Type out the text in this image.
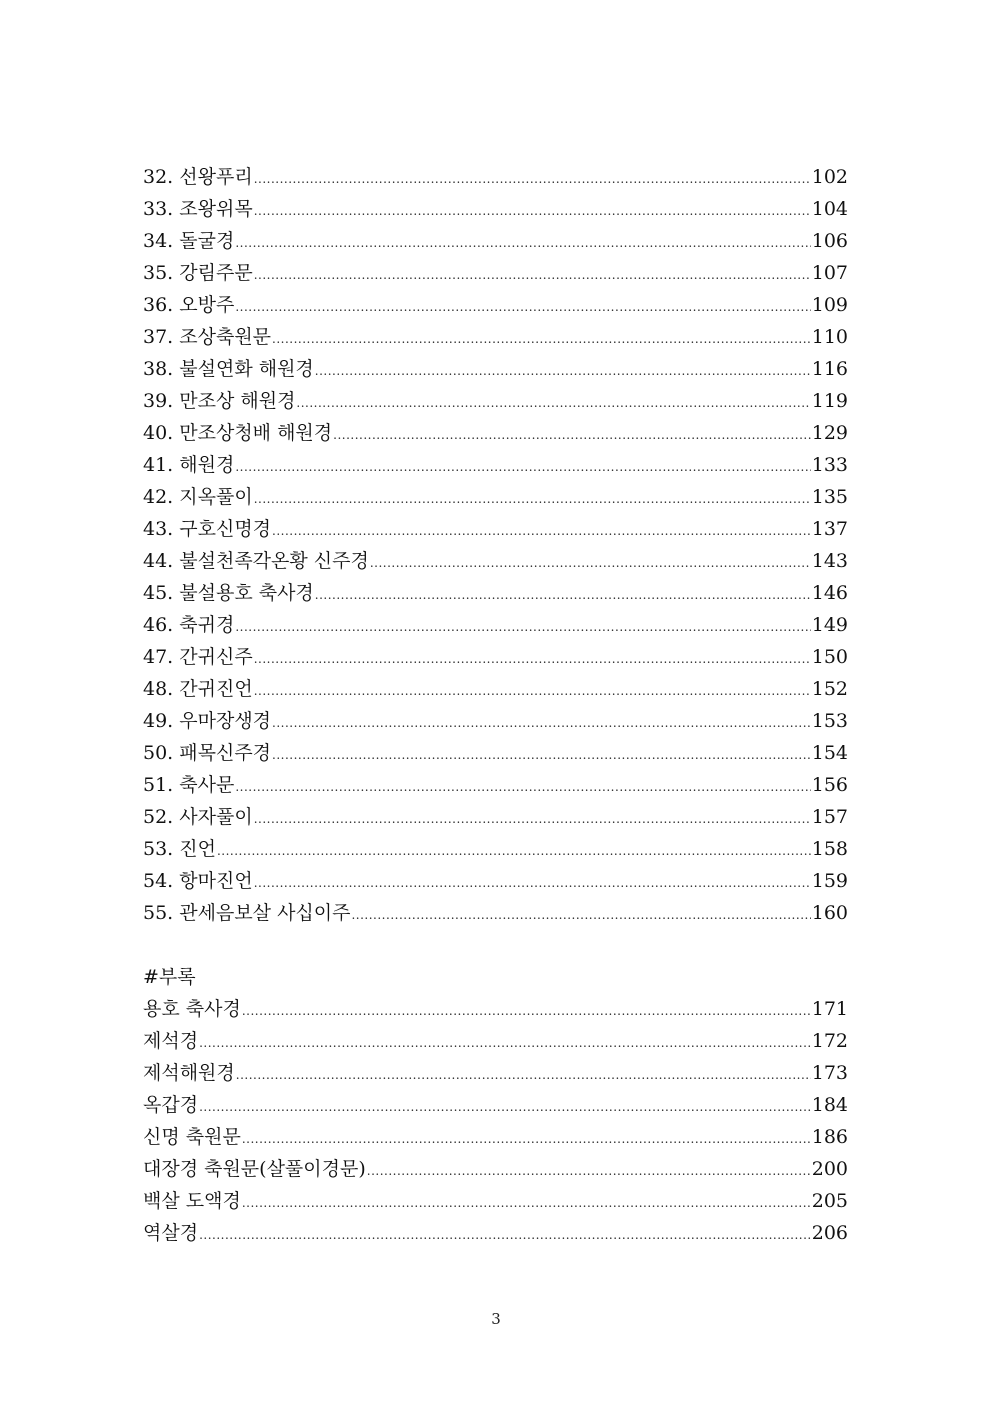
32. 선왕푸리 .....	102
33. 조왕위목 .....	104
34. 돌굴경 .....	106
35. 강림주문 .....	107
36. 오방주 .....	109
37. 조상축원문 .....	110
38. 불설연화 해원경 .....	116
39. 만조상 해원경 .....	119
40. 만조상청배 해원경 .....	129
41. 해원경 .....	133
42. 지옥풀이 .....	135
43. 구호신명경 .....	137
44. 불설천족각온황 신주경 .....	143
45. 불설용호 축사경 .....	146
46. 축귀경 .....	149
47. 간귀신주 .....	150
48. 간귀진언 .....	152
49. 우마장생경 .....	153
50. 패목신주경 .....	154
51. 축사문 .....	156
52. 사자풀이 .....	157
53. 진언 .....	158
54. 항마진언 .....	159
55. 관세음보살 사십이주 .....	160
#부록
용호 축사경 .....	171
제석경 .....	172
제석해원경 .....	173
옥갑경 .....	184
신명 축원문 .....	186
대장경 축원문(살풀이경문) .....	200
백살 도액경 .....	205
역살경 .....	206
3
